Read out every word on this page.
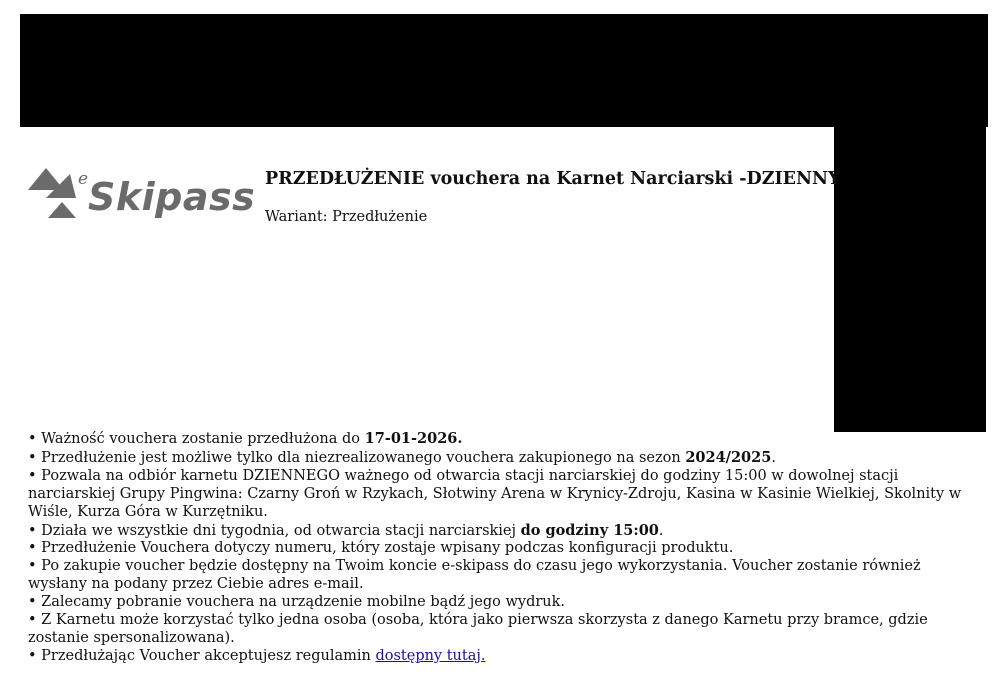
e Skipass PRZEDŁUŻENIE vouchera na Karnet Narciarski -DZIENNY
Wariant: Przedłużenie
• Ważność vouchera zostanie przedłużona do 17-01-2026.
• Przedłużenie jest możliwe tylko dla niezrealizowanego vouchera zakupionego na sezon 2024/2025.
• Pozwala na odbiór karnetu DZIENNEGO ważnego od otwarcia stacji narciarskiej do godziny 15:00 w dowolnej stacji narciarskiej Grupy Pingwina: Czarny Groń w Rzykach, Słotwiny Arena w Krynicy-Zdroju, Kasina w Kasinie Wielkiej, Skolnity w Wiśle, Kurza Góra w Kurzętniku.
• Działa we wszystkie dni tygodnia, od otwarcia stacji narciarskiej do godziny 15:00.
• Przedłużenie Vouchera dotyczy numeru, który zostaje wpisany podczas konfiguracji produktu.
• Po zakupie voucher będzie dostępny na Twoim koncie e-skipass do czasu jego wykorzystania. Voucher zostanie również wysłany na podany przez Ciebie adres e-mail.
• Zalecamy pobranie vouchera na urządzenie mobilne bądź jego wydruk.
• Z Karnetu może korzystać tylko jedna osoba (osoba, która jako pierwsza skorzysta z danego Karnetu przy bramce, gdzie zostanie spersonalizowana).
• Przedłużając Voucher akceptujesz regulamin dostępny tutaj.
